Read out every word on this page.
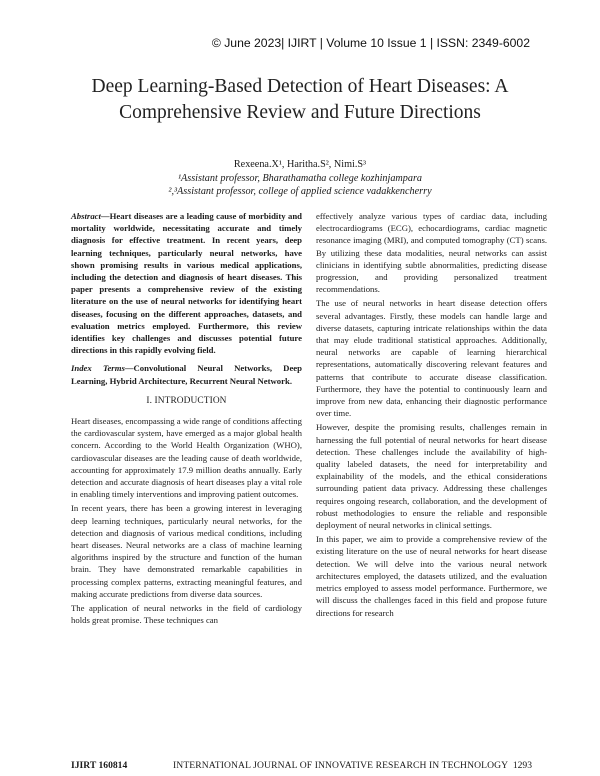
© June 2023| IJIRT | Volume 10 Issue 1 | ISSN: 2349-6002
Deep Learning-Based Detection of Heart Diseases: A
Comprehensive Review and Future Directions
Rexeena.X¹, Haritha.S², Nimi.S³
¹Assistant professor, Bharathamatha college kozhinjampara
²,³Assistant professor, college of applied science vadakkencherry

Abstract—Heart diseases are a leading cause of morbidity and mortality worldwide, necessitating accurate and timely diagnosis for effective treatment. In recent years, deep learning techniques, particularly neural networks, have shown promising results in various medical applications, including the detection and diagnosis of heart diseases. This paper presents a comprehensive review of the existing literature on the use of neural networks for identifying heart diseases, focusing on the different approaches, datasets, and evaluation metrics employed. Furthermore, this review identifies key challenges and discusses potential future directions in this rapidly evolving field.

Index Terms—Convolutional Neural Networks, Deep Learning, Hybrid Architecture, Recurrent Neural Network.

I. INTRODUCTION

Heart diseases, encompassing a wide range of conditions affecting the cardiovascular system, have emerged as a major global health concern. According to the World Health Organization (WHO), cardiovascular diseases are the leading cause of death worldwide, accounting for approximately 17.9 million deaths annually. Early detection and accurate diagnosis of heart diseases play a vital role in enabling timely interventions and improving patient outcomes.

In recent years, there has been a growing interest in leveraging deep learning techniques, particularly neural networks, for the detection and diagnosis of various medical conditions, including heart diseases. Neural networks are a class of machine learning algorithms inspired by the structure and function of the human brain. They have demonstrated remarkable capabilities in processing complex patterns, extracting meaningful features, and making accurate predictions from diverse data sources.

The application of neural networks in the field of cardiology holds great promise. These techniques can

effectively analyze various types of cardiac data, including electrocardiograms (ECG), echocardiograms, cardiac magnetic resonance imaging (MRI), and computed tomography (CT) scans. By utilizing these data modalities, neural networks can assist clinicians in identifying subtle abnormalities, predicting disease progression, and providing personalized treatment recommendations.

The use of neural networks in heart disease detection offers several advantages. Firstly, these models can handle large and diverse datasets, capturing intricate relationships within the data that may elude traditional statistical approaches. Additionally, neural networks are capable of learning hierarchical representations, automatically discovering relevant features and patterns that contribute to accurate disease classification. Furthermore, they have the potential to continuously learn and improve from new data, enhancing their diagnostic performance over time.

However, despite the promising results, challenges remain in harnessing the full potential of neural networks for heart disease detection. These challenges include the availability of high-quality labeled datasets, the need for interpretability and explainability of the models, and the ethical considerations surrounding patient data privacy. Addressing these challenges requires ongoing research, collaboration, and the development of robust methodologies to ensure the reliable and responsible deployment of neural networks in clinical settings.

In this paper, we aim to provide a comprehensive review of the existing literature on the use of neural networks for heart disease detection. We will delve into the various neural network architectures employed, the datasets utilized, and the evaluation metrics employed to assess model performance. Furthermore, we will discuss the challenges faced in this field and propose future directions for research

IJIRT 160814	INTERNATIONAL JOURNAL OF INNOVATIVE RESEARCH IN TECHNOLOGY 1293
